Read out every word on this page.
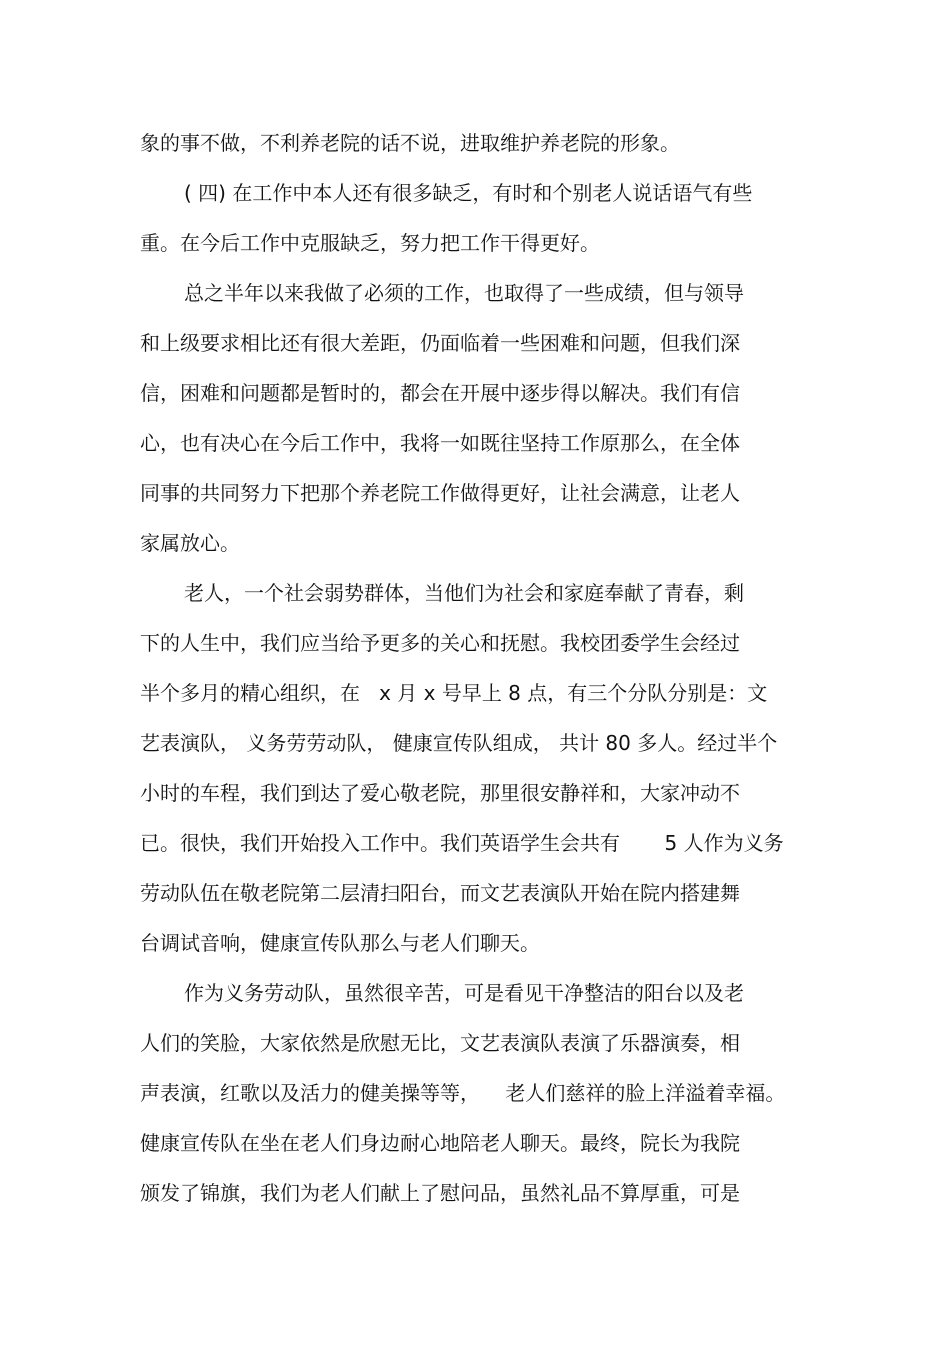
象的事不做，不利养老院的话不说，进取维护养老院的形象。
( 四) 在工作中本人还有很多缺乏，有时和个别老人说话语气有些
重。在今后工作中克服缺乏，努力把工作干得更好。
总之半年以来我做了必须的工作，也取得了一些成绩，但与领导
和上级要求相比还有很大差距，仍面临着一些困难和问题，但我们深
信，困难和问题都是暂时的，都会在开展中逐步得以解决。我们有信
心，也有决心在今后工作中，我将一如既往坚持工作原那么，在全体
同事的共同努力下把那个养老院工作做得更好，让社会满意，让老人
家属放心。
老人，一个社会弱势群体，当他们为社会和家庭奉献了青春，剩
下的人生中，我们应当给予更多的关心和抚慰。我校团委学生会经过
半个多月的精心组织，在   x 月 x 号早上 8 点，有三个分队分别是：文
艺表演队， 义务劳劳动队， 健康宣传队组成， 共计 80 多人。经过半个
小时的车程，我们到达了爱心敬老院，那里很安静祥和，大家冲动不
已。很快，我们开始投入工作中。我们英语学生会共有       5 人作为义务
劳动队伍在敬老院第二层清扫阳台，而文艺表演队开始在院内搭建舞
台调试音响，健康宣传队那么与老人们聊天。
作为义务劳动队，虽然很辛苦，可是看见干净整洁的阳台以及老
人们的笑脸，大家依然是欣慰无比，文艺表演队表演了乐器演奏，相
声表演，红歌以及活力的健美操等等，    老人们慈祥的脸上洋溢着幸福。
健康宣传队在坐在老人们身边耐心地陪老人聊天。最终，院长为我院
颁发了锦旗，我们为老人们献上了慰问品，虽然礼品不算厚重，可是
